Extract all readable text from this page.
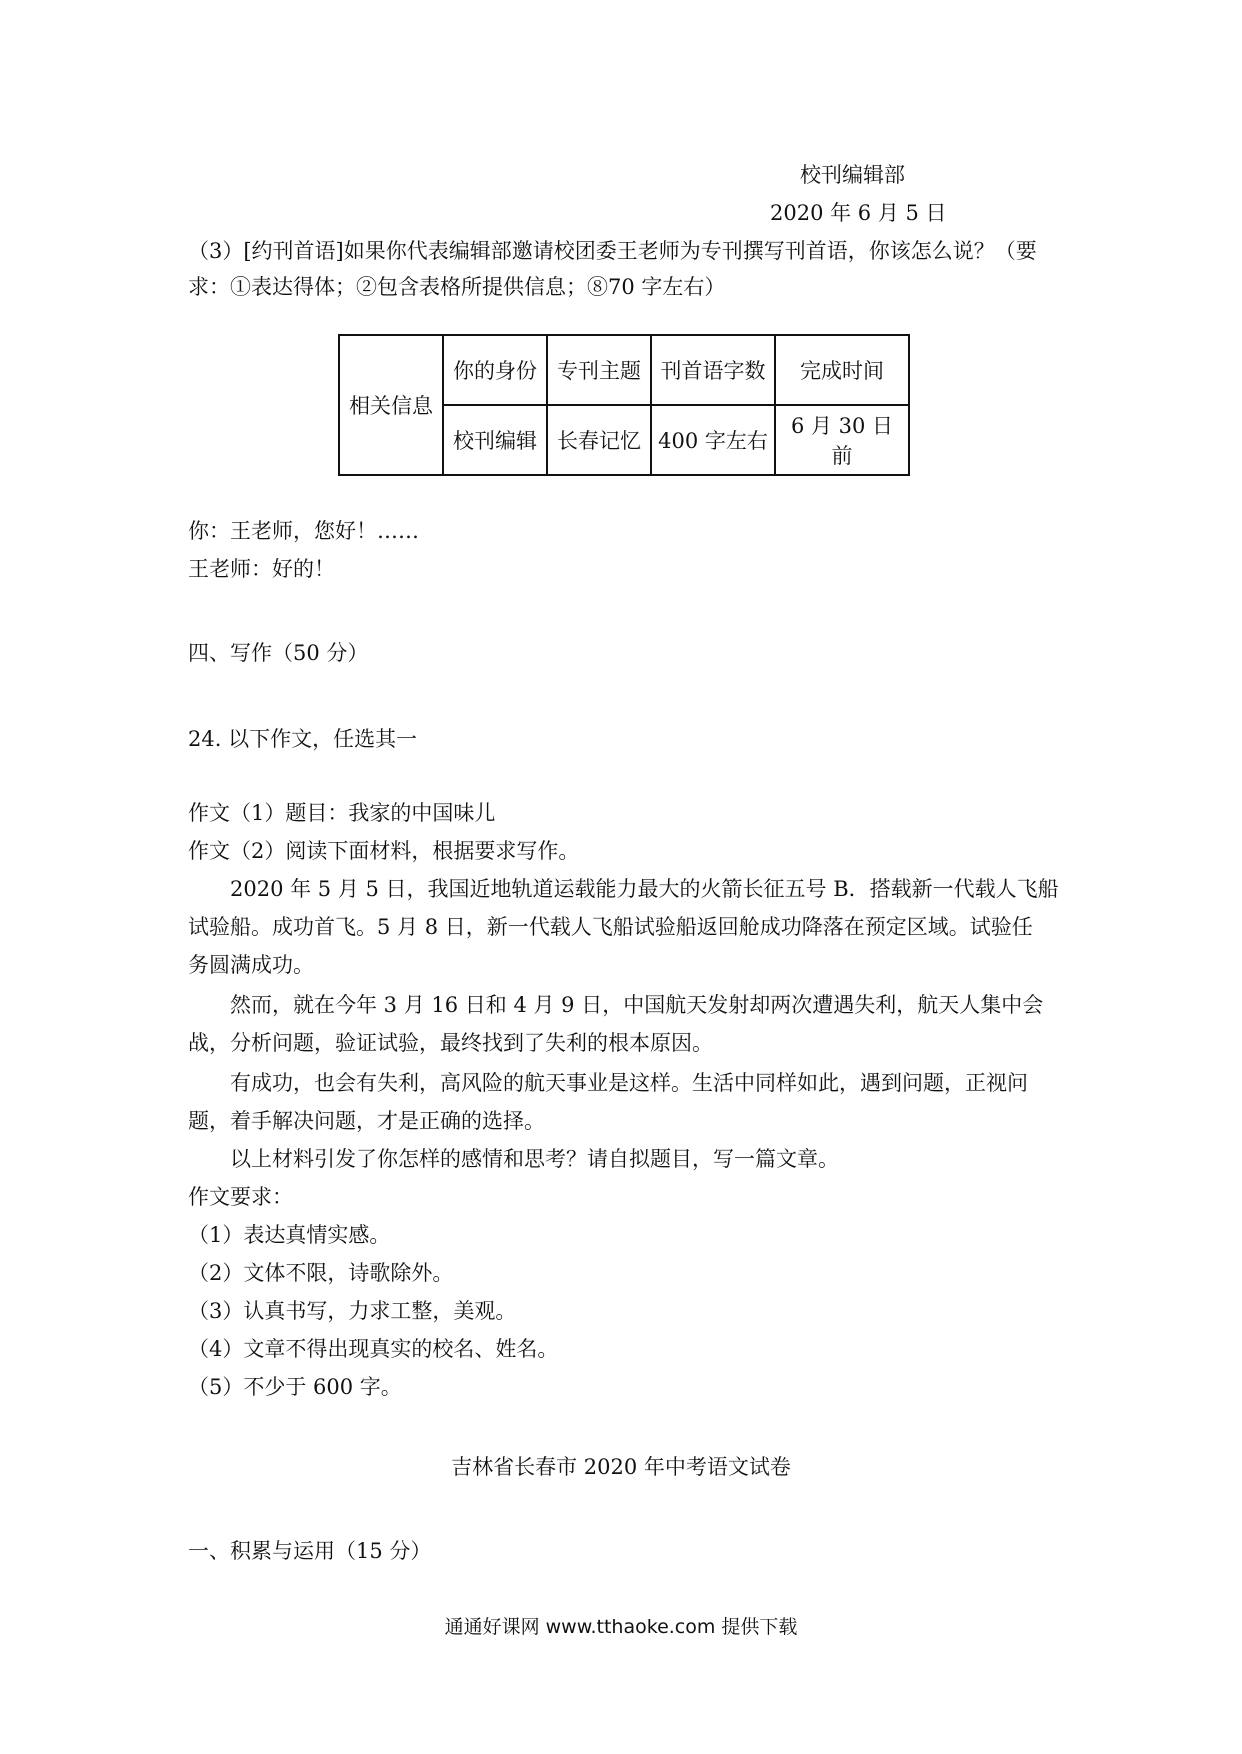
校刊编辑部
2020 年 6 月 5 日
（3）[约刊首语]如果你代表编辑部邀请校团委王老师为专刊撰写刊首语，你该怎么说？（要
求：①表达得体；②包含表格所提供信息；⑧70 字左右）
相关信息	你的身份	专刊主题	刊首语字数	完成时间
	校刊编辑	长春记忆	400 字左右	6 月 30 日前
你：王老师，您好！……
王老师：好的！
四、写作（50 分）
24. 以下作文，任选其一
作文（1）题目：我家的中国味儿
作文（2）阅读下面材料，根据要求写作。
2020 年 5 月 5 日，我国近地轨道运载能力最大的火箭长征五号 B．搭载新一代载人飞船
试验船。成功首飞。5 月 8 日，新一代载人飞船试验船返回舱成功降落在预定区域。试验任
务圆满成功。
然而，就在今年 3 月 16 日和 4 月 9 日，中国航天发射却两次遭遇失利，航天人集中会
战，分析问题，验证试验，最终找到了失利的根本原因。
有成功，也会有失利，高风险的航天事业是这样。生活中同样如此，遇到问题，正视问
题，着手解决问题，才是正确的选择。
以上材料引发了你怎样的感情和思考？请自拟题目，写一篇文章。
作文要求：
（1）表达真情实感。
（2）文体不限，诗歌除外。
（3）认真书写，力求工整，美观。
（4）文章不得出现真实的校名、姓名。
（5）不少于 600 字。
吉林省长春市 2020 年中考语文试卷
一、积累与运用（15 分）
通通好课网 www.tthaoke.com 提供下载
